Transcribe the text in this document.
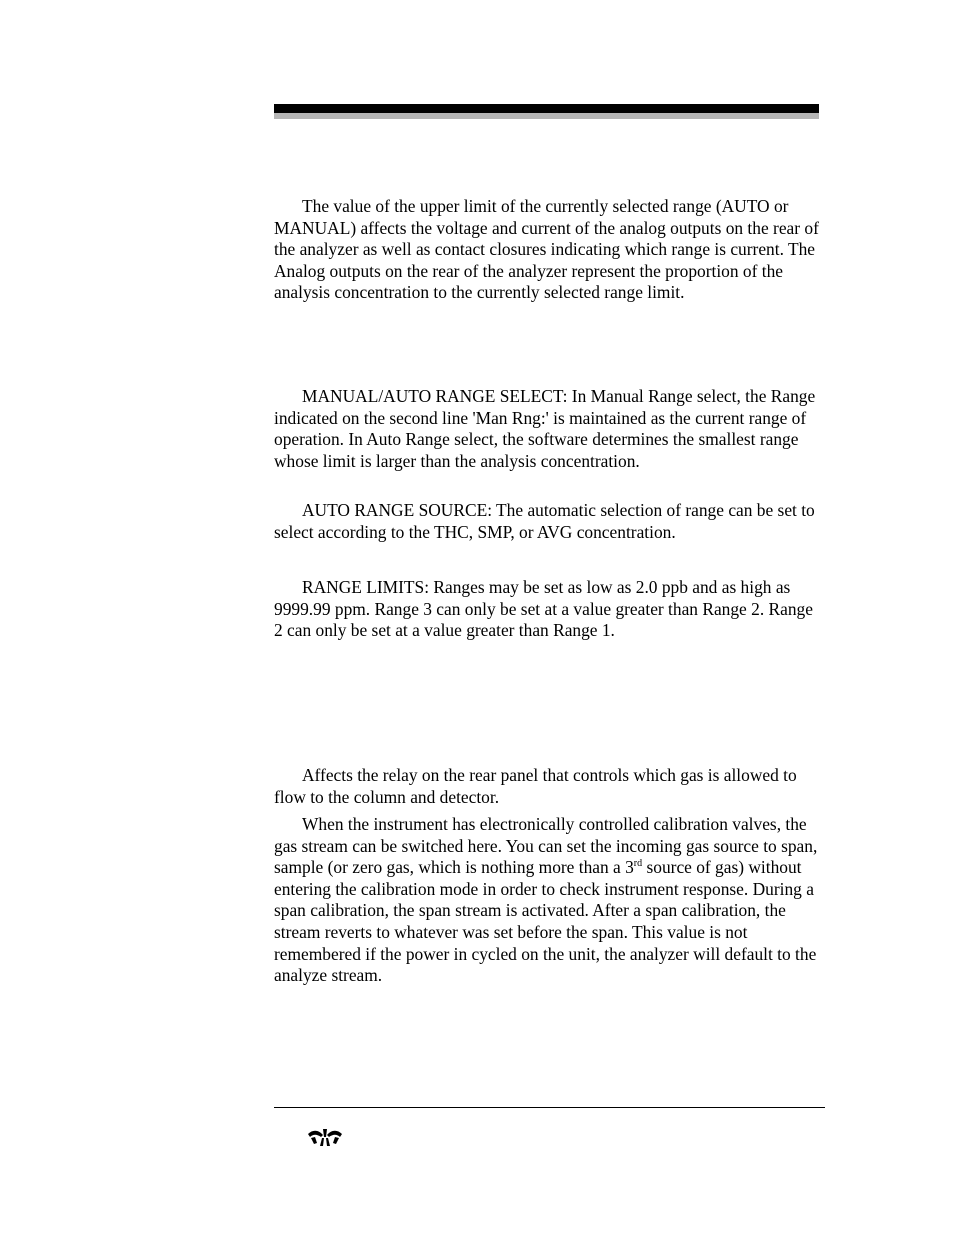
The value of the upper limit of the currently selected range (AUTO or MANUAL) affects the voltage and current of the analog outputs on the rear of the analyzer as well as contact closures indicating which range is current. The Analog outputs on the rear of the analyzer represent the proportion of the analysis concentration to the currently selected range limit.

MANUAL/AUTO RANGE SELECT: In Manual Range select, the Range indicated on the second line 'Man Rng:' is maintained as the current range of operation. In Auto Range select, the software determines the smallest range whose limit is larger than the analysis concentration.

AUTO RANGE SOURCE: The automatic selection of range can be set to select according to the THC, SMP, or AVG concentration.

RANGE LIMITS: Ranges may be set as low as 2.0 ppb and as high as 9999.99 ppm. Range 3 can only be set at a value greater than Range 2. Range 2 can only be set at a value greater than Range 1.

Affects the relay on the rear panel that controls which gas is allowed to flow to the column and detector.

When the instrument has electronically controlled calibration valves, the gas stream can be switched here. You can set the incoming gas source to span, sample (or zero gas, which is nothing more than a 3rd source of gas) without entering the calibration mode in order to check instrument response. During a span calibration, the span stream is activated. After a span calibration, the stream reverts to whatever was set before the span. This value is not remembered if the power in cycled on the unit, the analyzer will default to the analyze stream.
